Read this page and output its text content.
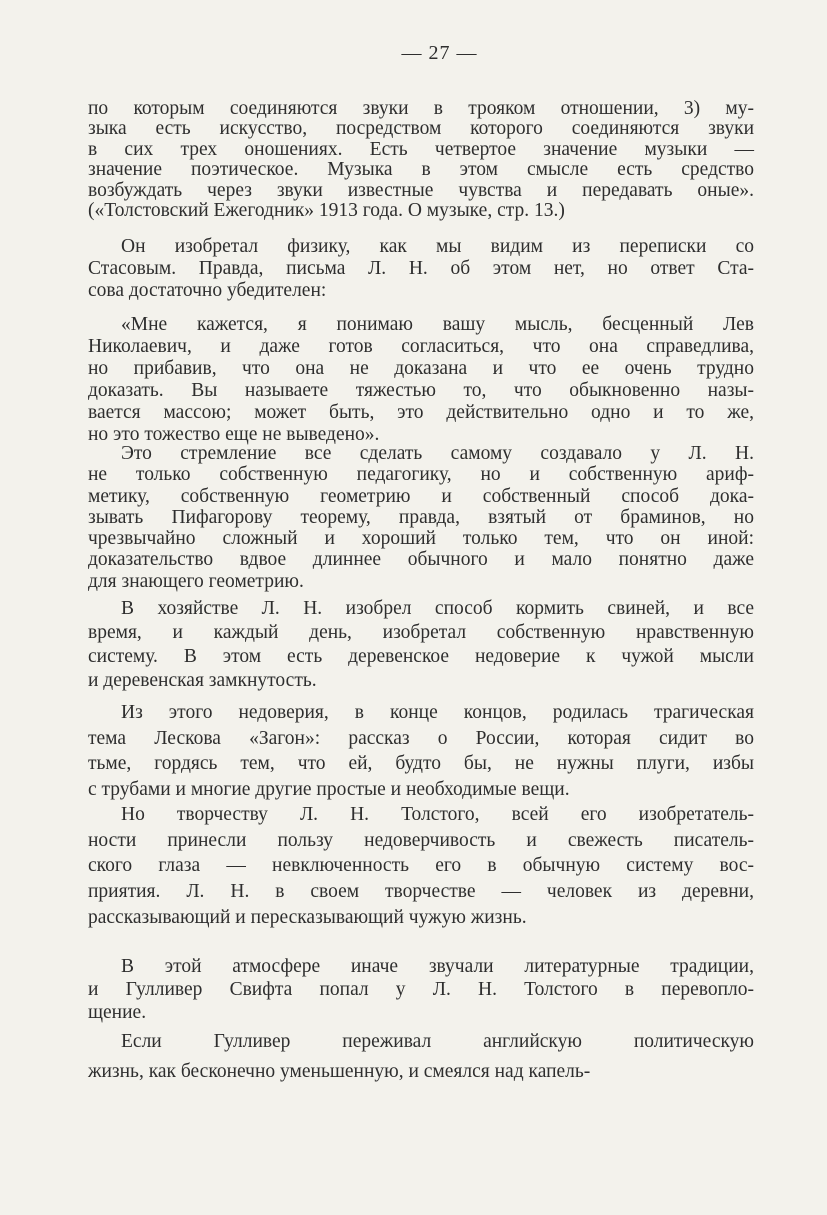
— 27 —
по которым соединяются звуки в трояком отношении, 3) му-
зыка есть искусство, посредством которого соединяются звуки
в сих трех оношениях. Есть четвертое значение музыки —
значение поэтическое. Музыка в этом смысле есть средство
возбуждать через звуки известные чувства и передавать оные».
(«Толстовский Ежегодник» 1913 года. О музыке, стр. 13.)
Он изобретал физику, как мы видим из переписки со
Стасовым. Правда, письма Л. Н. об этом нет, но ответ Ста-
сова достаточно убедителен:
«Мне кажется, я понимаю вашу мысль, бесценный Лев
Николаевич, и даже готов согласиться, что она справедлива,
но прибавив, что она не доказана и что ее очень трудно
доказать. Вы называете тяжестью то, что обыкновенно назы-
вается массою; может быть, это действительно одно и то же,
но это тожество еще не выведено».
Это стремление все сделать самому создавало у Л. Н.
не только собственную педагогику, но и собственную ариф-
метику, собственную геометрию и собственный способ дока-
зывать Пифагорову теорему, правда, взятый от браминов, но
чрезвычайно сложный и хороший только тем, что он иной:
доказательство вдвое длиннее обычного и мало понятно даже
для знающего геометрию.
В хозяйстве Л. Н. изобрел способ кормить свиней, и все
время, и каждый день, изобретал собственную нравственную
систему. В этом есть деревенское недоверие к чужой мысли
и деревенская замкнутость.
Из этого недоверия, в конце концов, родилась трагическая
тема Лескова «Загон»: рассказ о России, которая сидит во
тьме, гордясь тем, что ей, будто бы, не нужны плуги, избы
с трубами и многие другие простые и необходимые вещи.
Но творчеству Л. Н. Толстого, всей его изобретатель-
ности принесли пользу недоверчивость и свежесть писатель-
ского глаза — невключенность его в обычную систему вос-
приятия. Л. Н. в своем творчестве — человек из деревни,
рассказывающий и пересказывающий чужую жизнь.
В этой атмосфере иначе звучали литературные традиции,
и Гулливер Свифта попал у Л. Н. Толстого в перевопло-
щение.
Если Гулливер переживал английскую политическую
жизнь, как бесконечно уменьшенную, и смеялся над капель-
